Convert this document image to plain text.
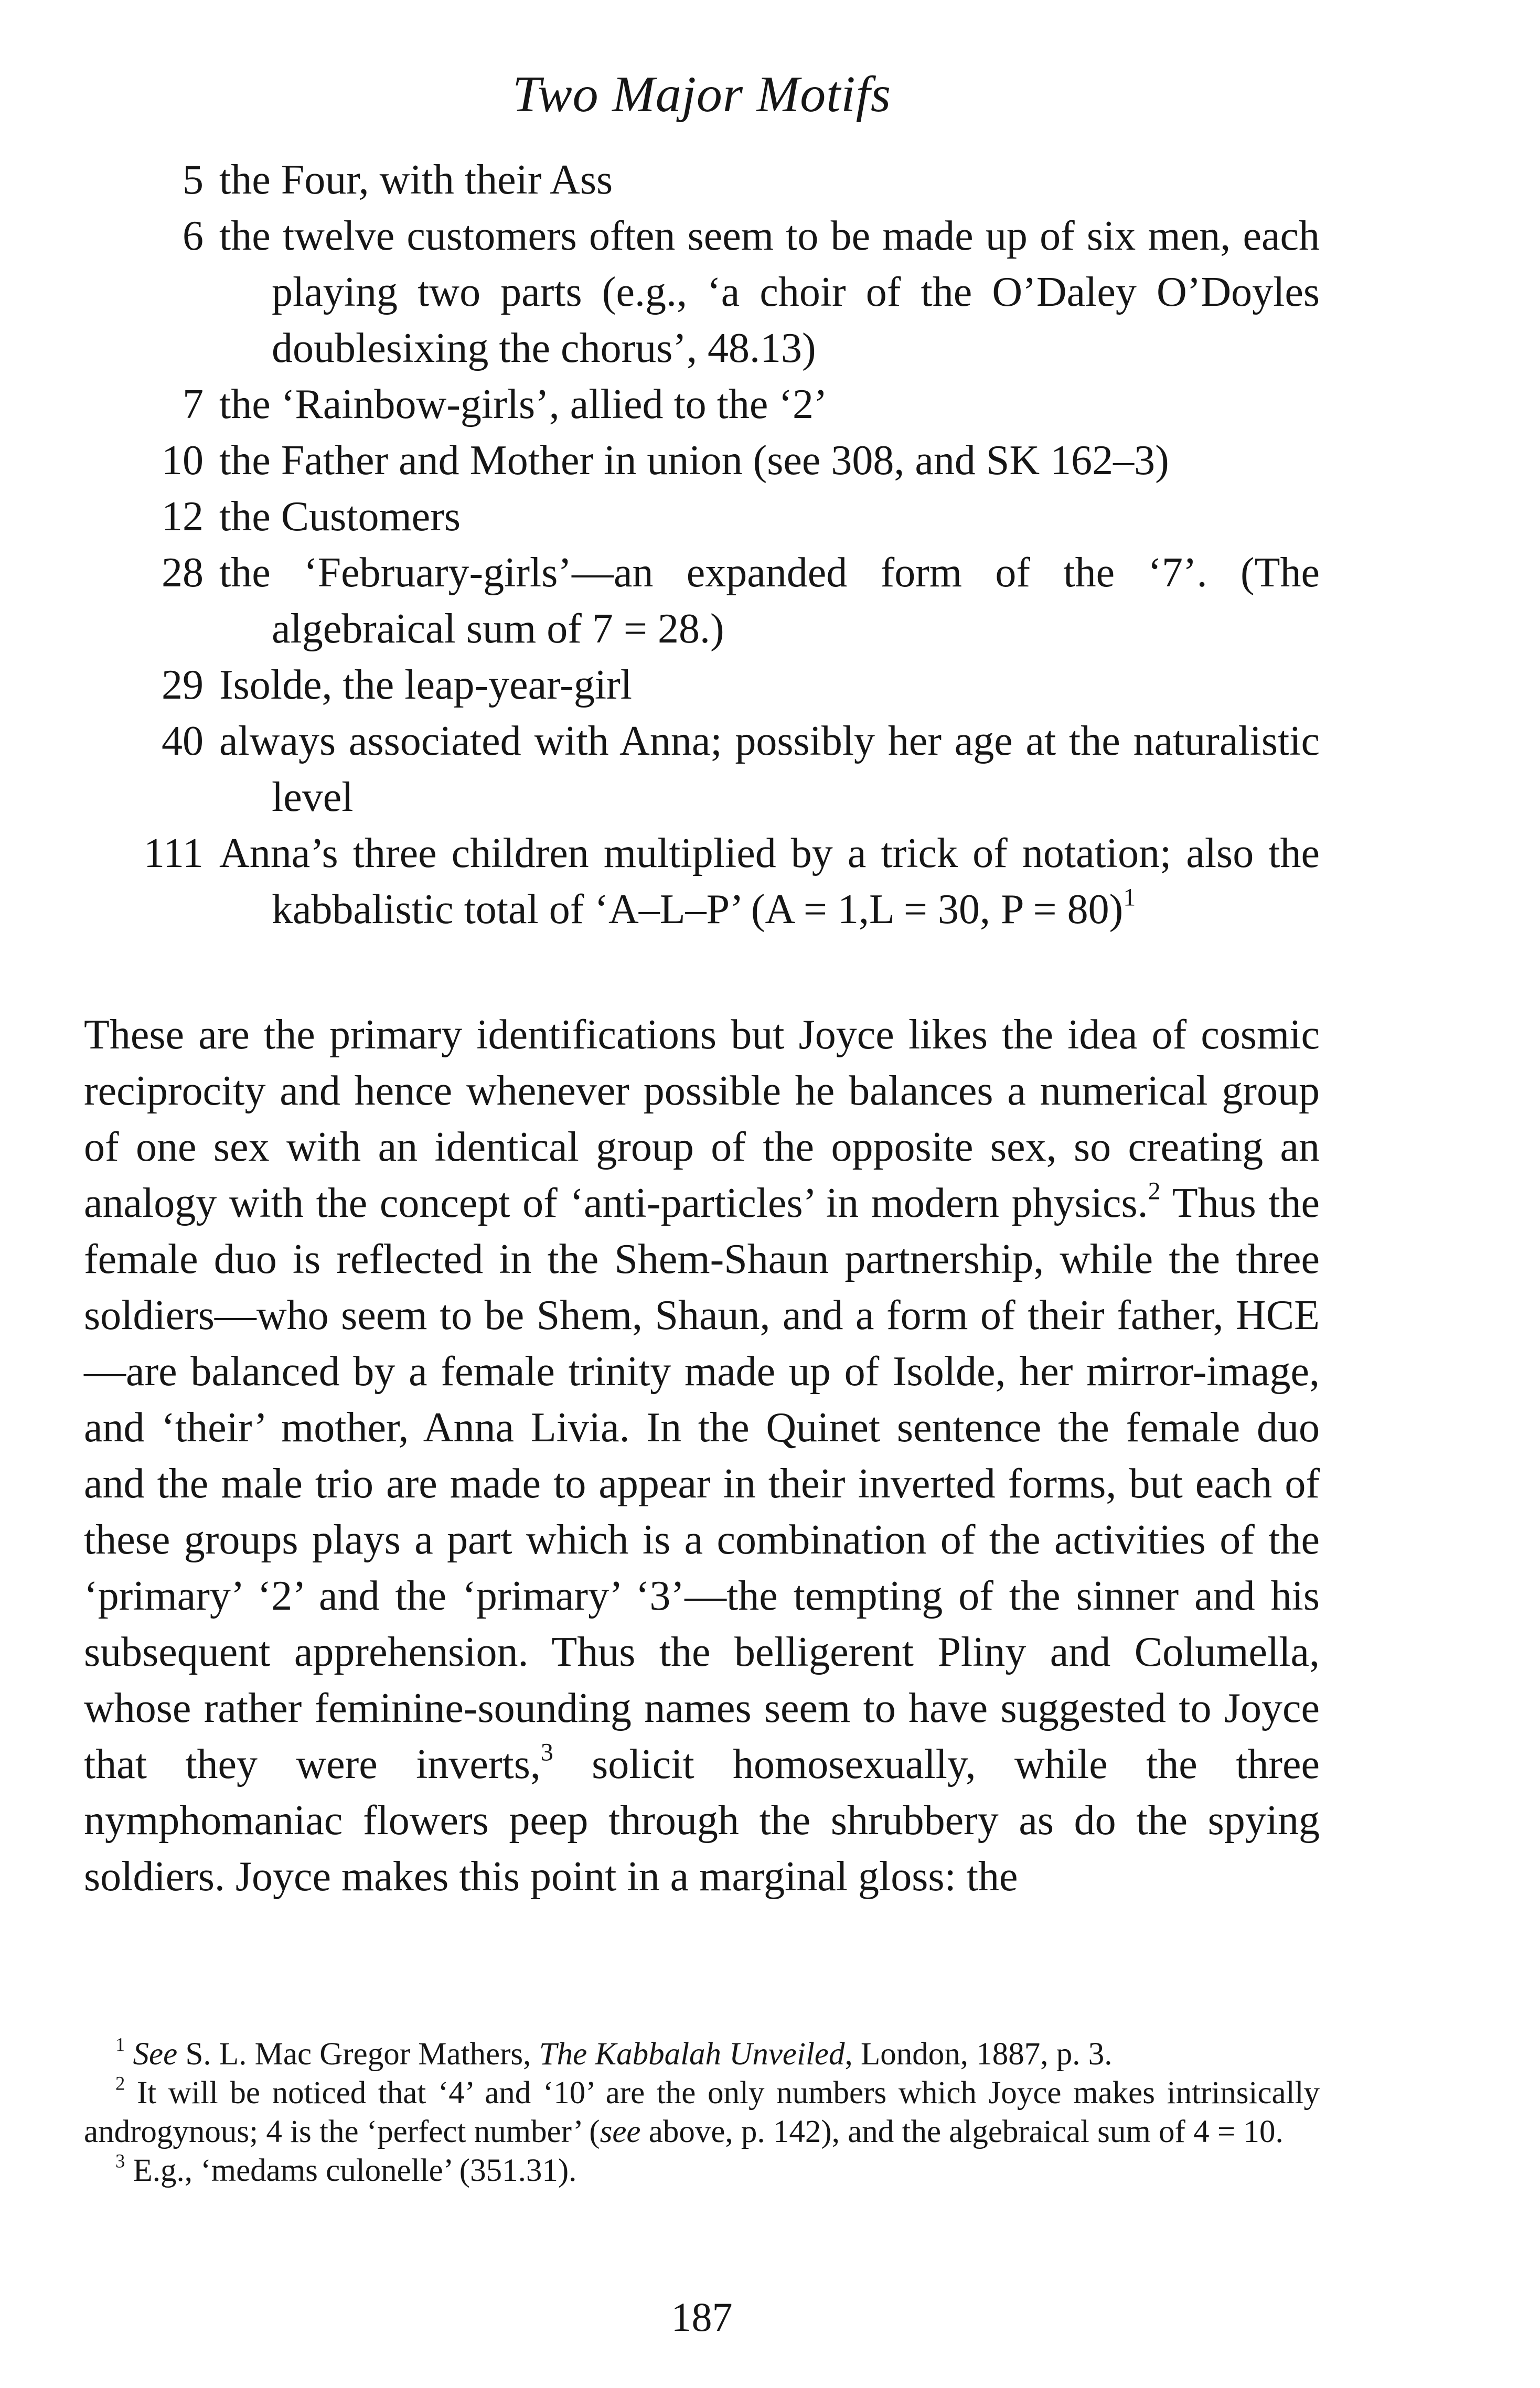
Two Major Motifs
5 the Four, with their Ass
6 the twelve customers often seem to be made up of six men, each playing two parts (e.g., ‘a choir of the O’Daley O’Doyles doublesixing the chorus’, 48.13)
7 the ‘Rainbow-girls’, allied to the ‘2’
10 the Father and Mother in union (see 308, and SK 162–3)
12 the Customers
28 the ‘February-girls’—an expanded form of the ‘7’. (The algebraical sum of 7 = 28.)
29 Isolde, the leap-year-girl
40 always associated with Anna; possibly her age at the naturalistic level
111 Anna’s three children multiplied by a trick of notation; also the kabbalistic total of ‘A–L–P’ (A = 1,L = 30, P = 80)$^1$

These are the primary identifications but Joyce likes the idea of cosmic reciprocity and hence whenever possible he balances a numerical group of one sex with an identical group of the opposite sex, so creating an analogy with the concept of ‘anti-particles’ in modern physics.$^2$ Thus the female duo is reflected in the Shem-Shaun partnership, while the three soldiers—who seem to be Shem, Shaun, and a form of their father, HCE—are balanced by a female trinity made up of Isolde, her mirror-image, and ‘their’ mother, Anna Livia. In the Quinet sentence the female duo and the male trio are made to appear in their inverted forms, but each of these groups plays a part which is a combination of the activities of the ‘primary’ ‘2’ and the ‘primary’ ‘3’—the tempting of the sinner and his subsequent apprehension. Thus the belligerent Pliny and Columella, whose rather feminine-sounding names seem to have suggested to Joyce that they were inverts,$^3$ solicit homosexually, while the three nymphomaniac flowers peep through the shrubbery as do the spying soldiers. Joyce makes this point in a marginal gloss: the

$^1$ See S. L. Mac Gregor Mathers, The Kabbalah Unveiled, London, 1887, p. 3.

$^2$ It will be noticed that ‘4’ and ‘10’ are the only numbers which Joyce makes intrinsically androgynous; 4 is the ‘perfect number’ (see above, p. 142), and the algebraical sum of 4 = 10.

$^3$ E.g., ‘medams culonelle’ (351.31).

187
